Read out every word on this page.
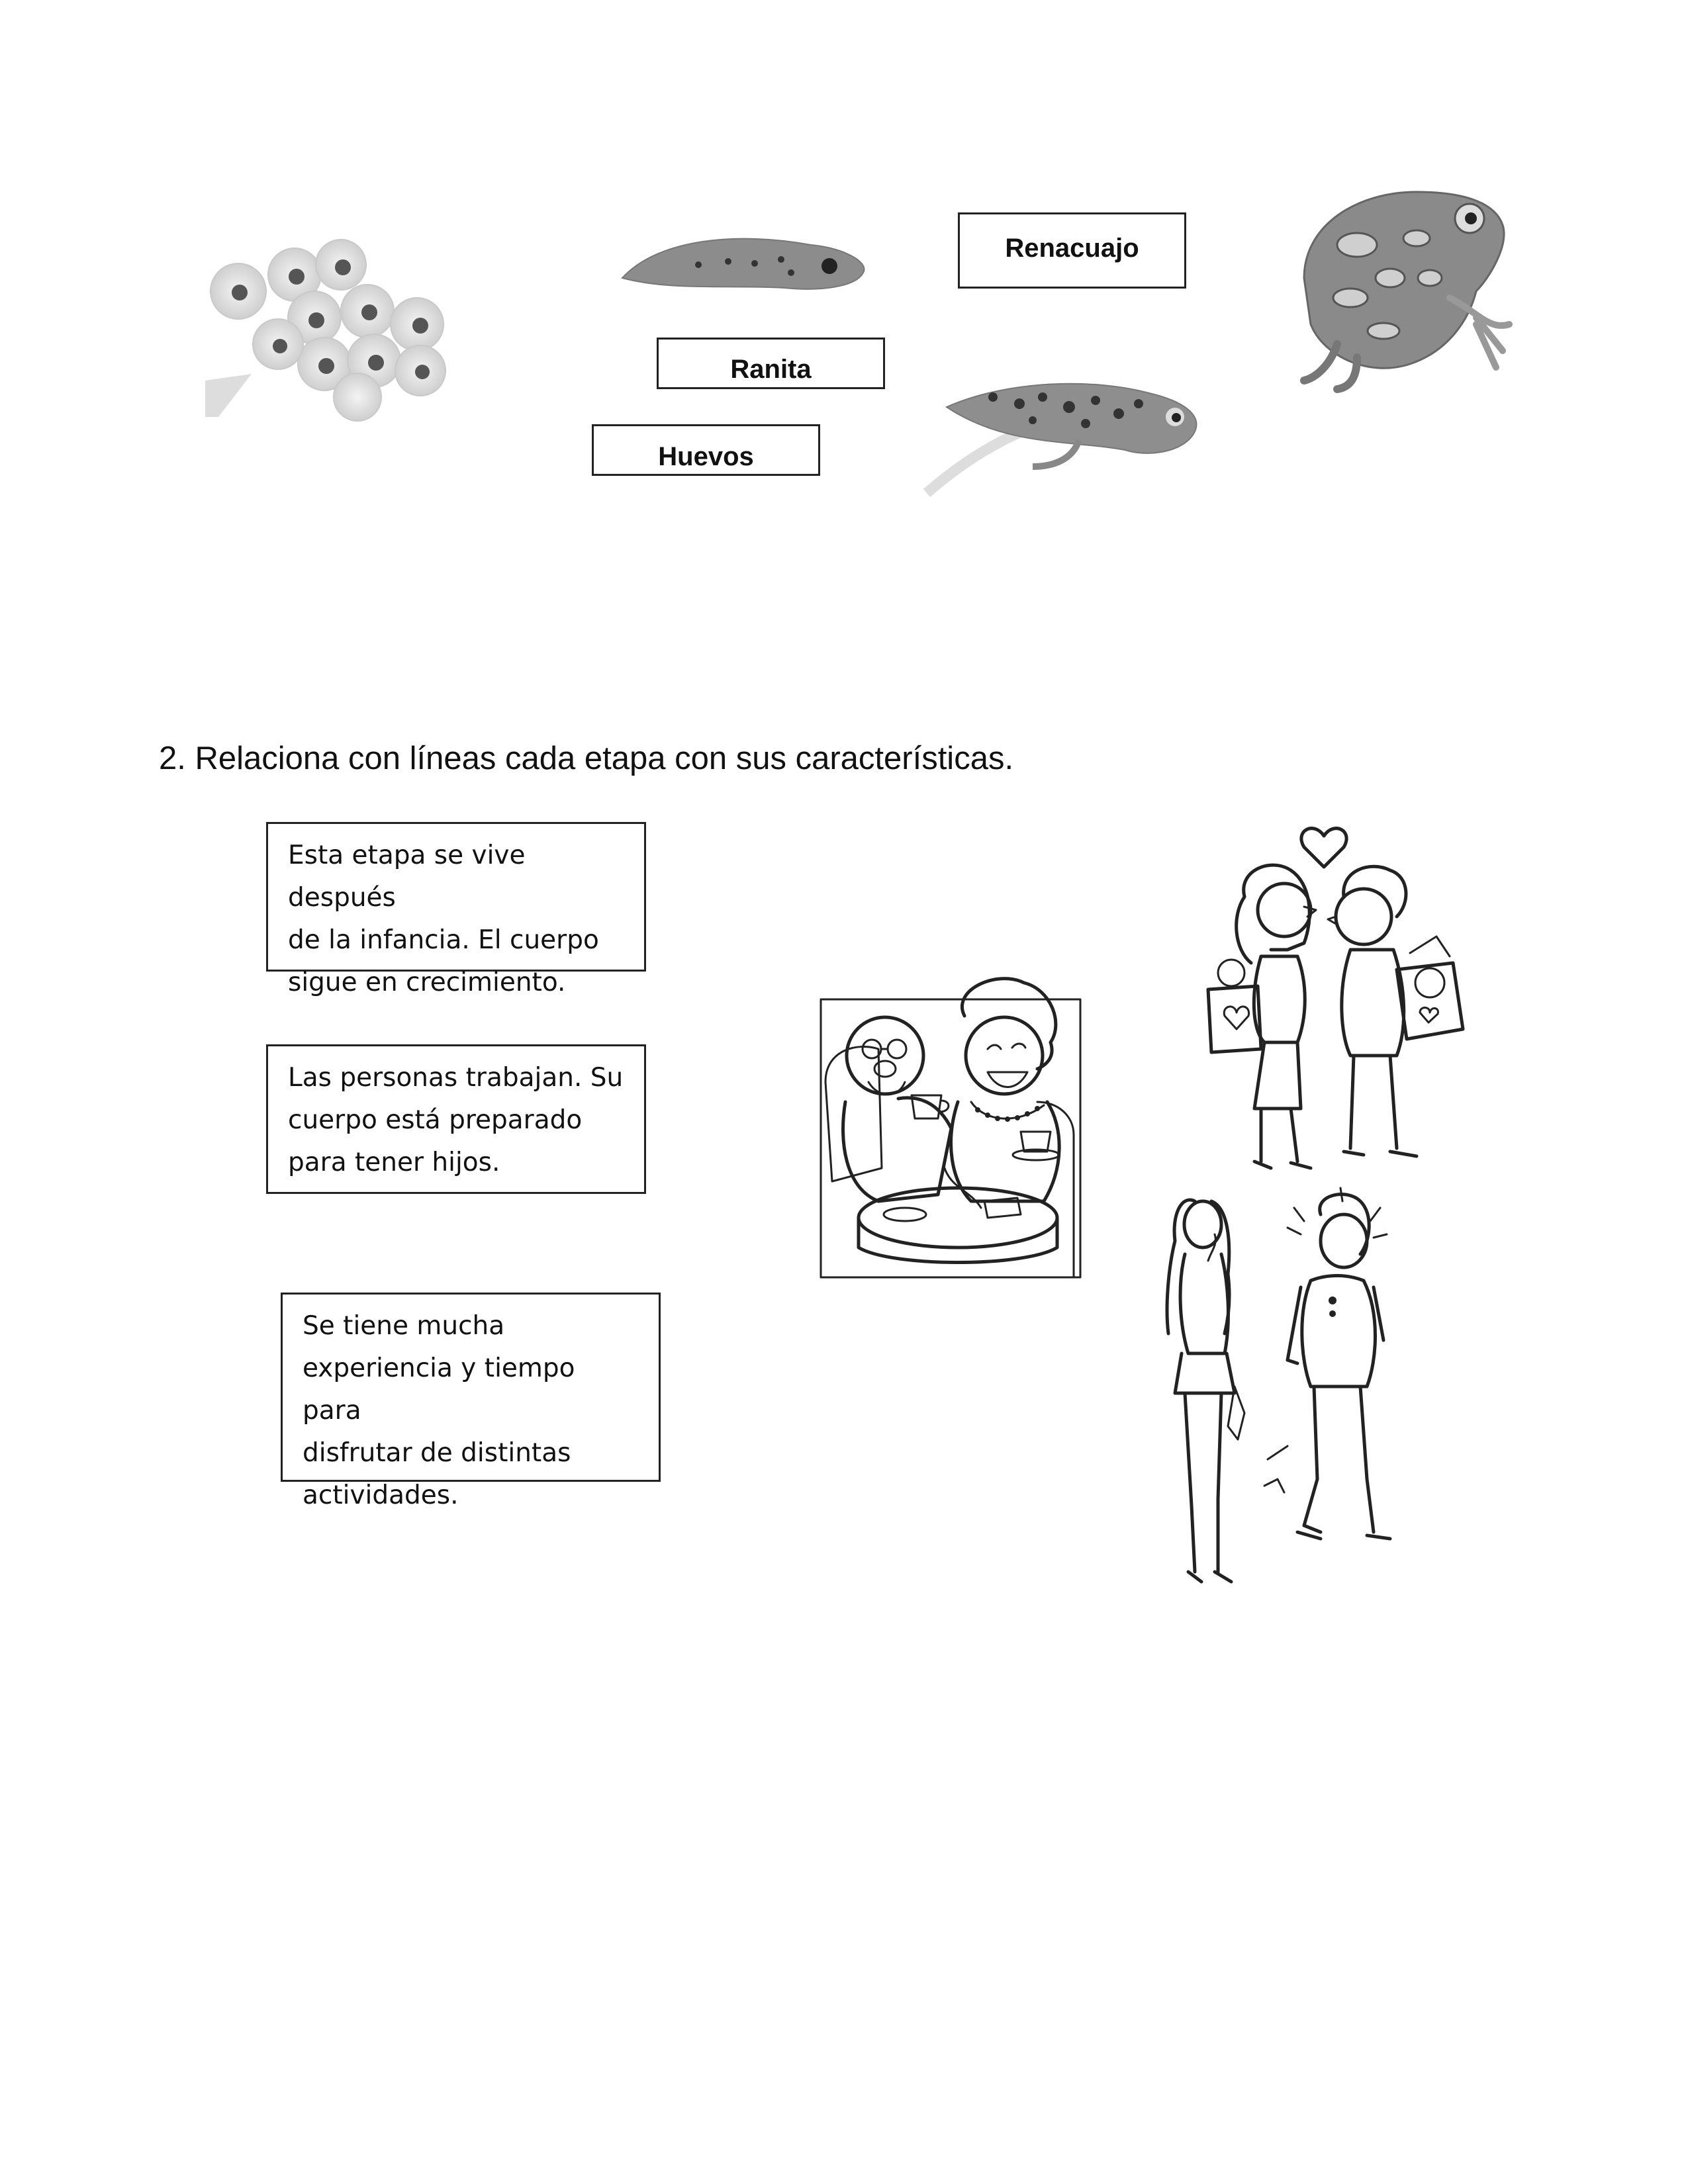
Renacuajo
Ranita
Huevos
2. Relaciona con líneas cada etapa con sus características.
Esta etapa se vive después
de la infancia. El cuerpo
sigue en crecimiento.
Las personas trabajan. Su
cuerpo está preparado
para tener hijos.
Se tiene mucha
experiencia y tiempo para
disfrutar de distintas
actividades.
